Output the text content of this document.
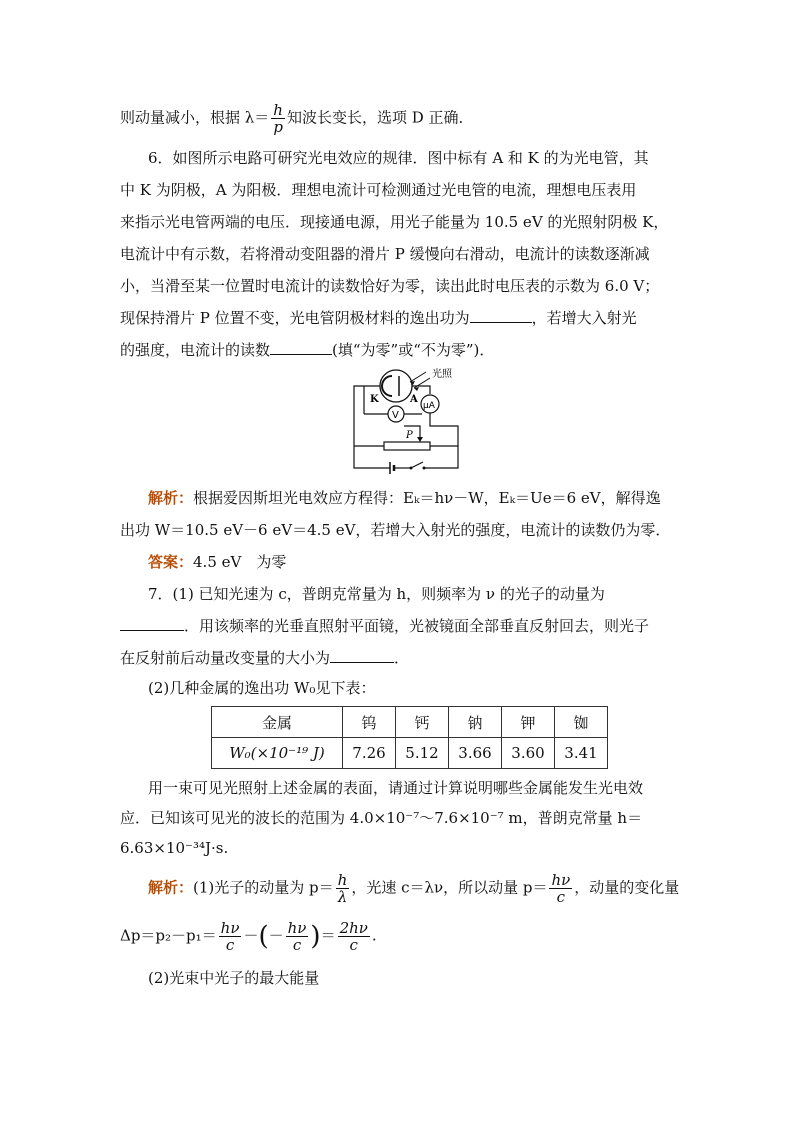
则动量减小，根据 $\lambda= \frac{h}{p}$ 知波长变长，选项 D 正确．
6．如图所示电路可研究光电效应的规律．图中标有 A 和 K 的为光电管，其
中 K 为阴极，A 为阳极．理想电流计可检测通过光电管的电流，理想电压表用
来指示光电管两端的电压．现接通电源，用光子能量为 10.5 eV 的光照射阴极 K，
电流计中有示数，若将滑动变阻器的滑片 P 缓慢向右滑动，电流计的读数逐渐减
小，当滑至某一位置时电流计的读数恰好为零，读出此时电压表的示数为 6.0 V；
现保持滑片 P 位置不变，光电管阴极材料的逸出功为	，若增大入射光
的强度，电流计的读数	(填“为零”或“不为零”)．
光照
K	A
μA
V
P
解析：根据爱因斯坦光电效应方程得：Eₖ＝hν－W，Eₖ＝Ue＝6 eV，解得逸
出功 W＝10.5 eV－6 eV＝4.5 eV，若增大入射光的强度，电流计的读数仍为零．
答案：4.5 eV　为零
7．(1) 已知光速为 c，普朗克常量为 h，则频率为 ν 的光子的动量为
．用该频率的光垂直照射平面镜，光被镜面全部垂直反射回去，则光子
在反射前后动量改变量的大小为	．
(2)几种金属的逸出功 W₀见下表：
金属	钨	钙	钠	钾	铷
W₀(×10⁻¹⁹ J)	7.26	5.12	3.66	3.60	3.41
用一束可见光照射上述金属的表面，请通过计算说明哪些金属能发生光电效
应．已知该可见光的波长的范围为 4.0×10⁻⁷～7.6×10⁻⁷ m，普朗克常量 h＝
6.63×10⁻³⁴J·s.
解析：(1)光子的动量为 $p= \frac{h}{\lambda}$ ，光速 c＝λν，所以动量 $p= \frac{h\nu}{c}$ ，动量的变化量
$\Delta p=p_2-p_1= \frac{h\nu}{c}$ －(－ $\frac{h\nu}{c}$ )＝ $\frac{2h\nu}{c}$ .
(2)光束中光子的最大能量
